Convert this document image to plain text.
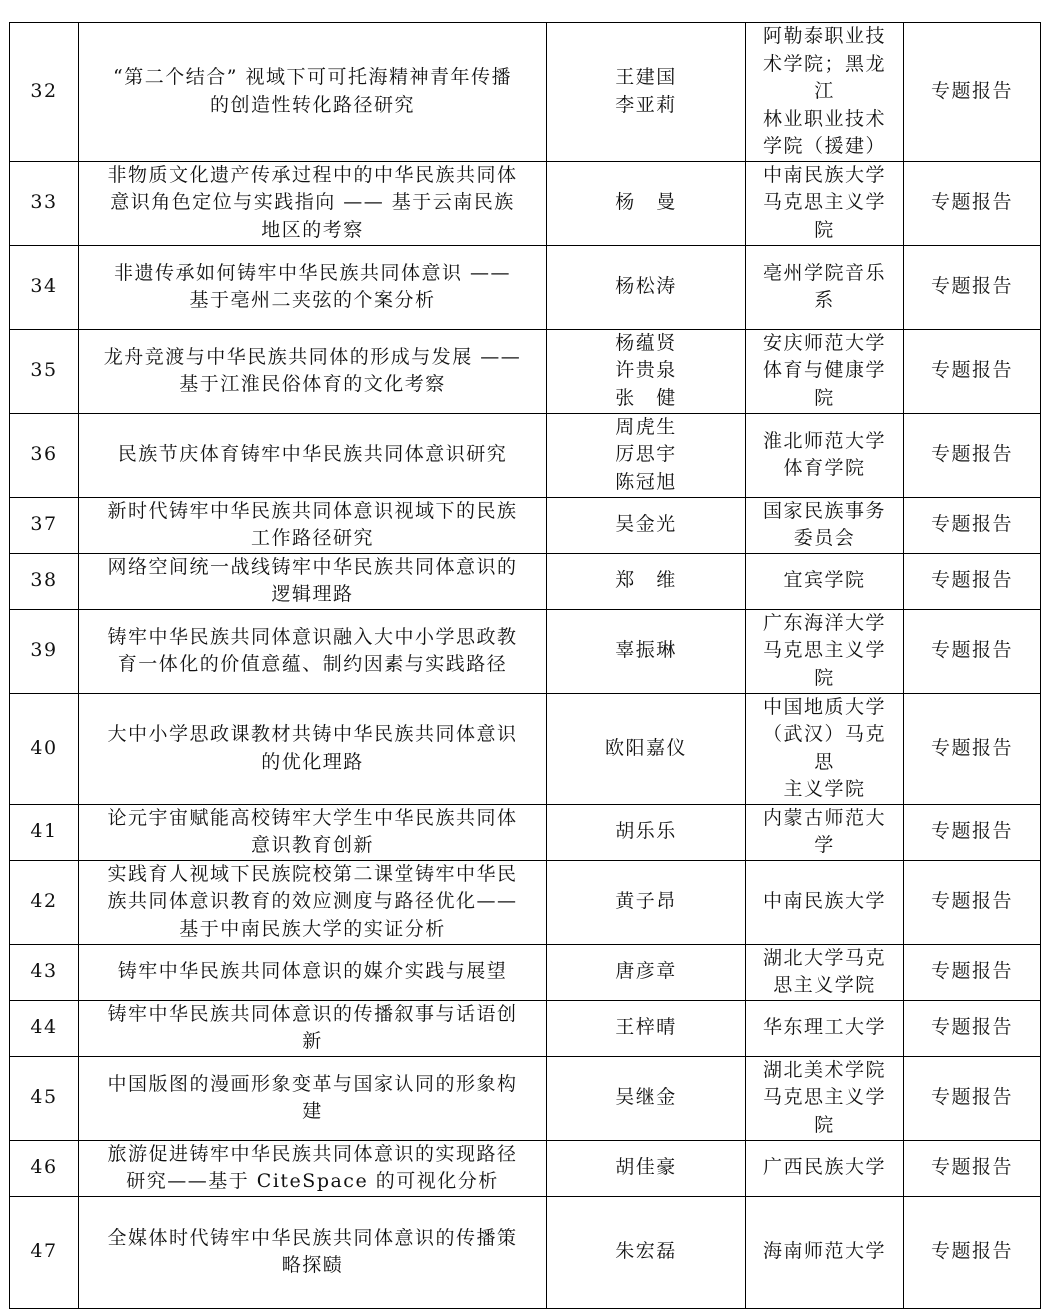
32	“第二个结合” 视域下可可托海精神青年传播
的创造性转化路径研究	王建国
李亚莉	阿勒泰职业技
术学院；黑龙江
林业职业技术
学院（援建）	专题报告
33	非物质文化遗产传承过程中的中华民族共同体
意识角色定位与实践指向 —— 基于云南民族
地区的考察	杨　曼	中南民族大学
马克思主义学
院	专题报告
34	非遗传承如何铸牢中华民族共同体意识 ——
基于亳州二夹弦的个案分析	杨松涛	亳州学院音乐
系	专题报告
35	龙舟竞渡与中华民族共同体的形成与发展 ——
基于江淮民俗体育的文化考察	杨蕴贤
许贵泉
张　健	安庆师范大学
体育与健康学
院	专题报告
36	民族节庆体育铸牢中华民族共同体意识研究	周虎生
厉思宇
陈冠旭	淮北师范大学
体育学院	专题报告
37	新时代铸牢中华民族共同体意识视域下的民族
工作路径研究	吴金光	国家民族事务
委员会	专题报告
38	网络空间统一战线铸牢中华民族共同体意识的
逻辑理路	郑　维	宜宾学院	专题报告
39	铸牢中华民族共同体意识融入大中小学思政教
育一体化的价值意蕴、制约因素与实践路径	辜振琳	广东海洋大学
马克思主义学
院	专题报告
40	大中小学思政课教材共铸中华民族共同体意识
的优化理路	欧阳嘉仪	中国地质大学
（武汉）马克思
主义学院	专题报告
41	论元宇宙赋能高校铸牢大学生中华民族共同体
意识教育创新	胡乐乐	内蒙古师范大
学	专题报告
42	实践育人视域下民族院校第二课堂铸牢中华民
族共同体意识教育的效应测度与路径优化——
基于中南民族大学的实证分析	黄子昂	中南民族大学	专题报告
43	铸牢中华民族共同体意识的媒介实践与展望	唐彦章	湖北大学马克
思主义学院	专题报告
44	铸牢中华民族共同体意识的传播叙事与话语创
新	王梓晴	华东理工大学	专题报告
45	中国版图的漫画形象变革与国家认同的形象构
建	吴继金	湖北美术学院
马克思主义学
院	专题报告
46	旅游促进铸牢中华民族共同体意识的实现路径
研究——基于 CiteSpace 的可视化分析	胡佳豪	广西民族大学	专题报告
47	全媒体时代铸牢中华民族共同体意识的传播策
略探赜	朱宏磊	海南师范大学	专题报告
